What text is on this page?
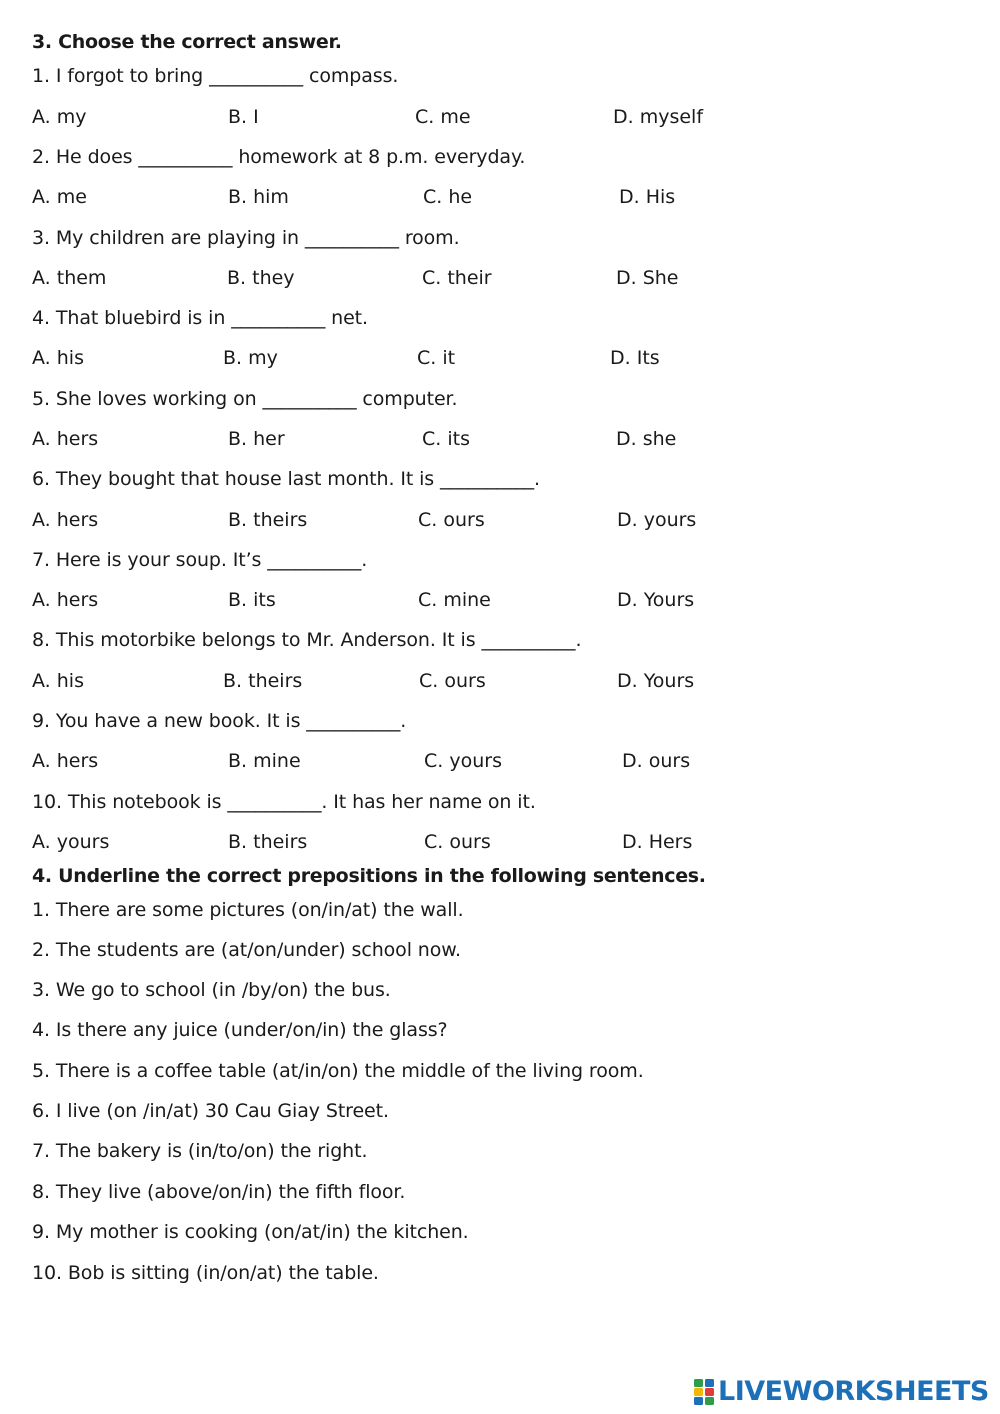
3. Choose the correct answer.
1. I forgot to bring __________ compass.
A. my	B. I	C. me	D. myself
2. He does __________ homework at 8 p.m. everyday.
A. me	B. him	C. he	D. His
3. My children are playing in __________ room.
A. them	B. they	C. their	D. She
4. That bluebird is in __________ net.
A. his	B. my	C. it	D. Its
5. She loves working on __________ computer.
A. hers	B. her	C. its	D. she
6. They bought that house last month. It is __________.
A. hers	B. theirs	C. ours	D. yours
7. Here is your soup. It’s __________.
A. hers	B. its	C. mine	D. Yours
8. This motorbike belongs to Mr. Anderson. It is __________.
A. his	B. theirs	C. ours	D. Yours
9. You have a new book. It is __________.
A. hers	B. mine	C. yours	D. ours
10. This notebook is __________. It has her name on it.
A. yours	B. theirs	C. ours	D. Hers
4. Underline the correct prepositions in the following sentences.
1. There are some pictures (on/in/at) the wall.
2. The students are (at/on/under) school now.
3. We go to school (in /by/on) the bus.
4. Is there any juice (under/on/in) the glass?
5. There is a coffee table (at/in/on) the middle of the living room.
6. I live (on /in/at) 30 Cau Giay Street.
7. The bakery is (in/to/on) the right.
8. They live (above/on/in) the fifth floor.
9. My mother is cooking (on/at/in) the kitchen.
10. Bob is sitting (in/on/at) the table.
LIVEWORKSHEETS
